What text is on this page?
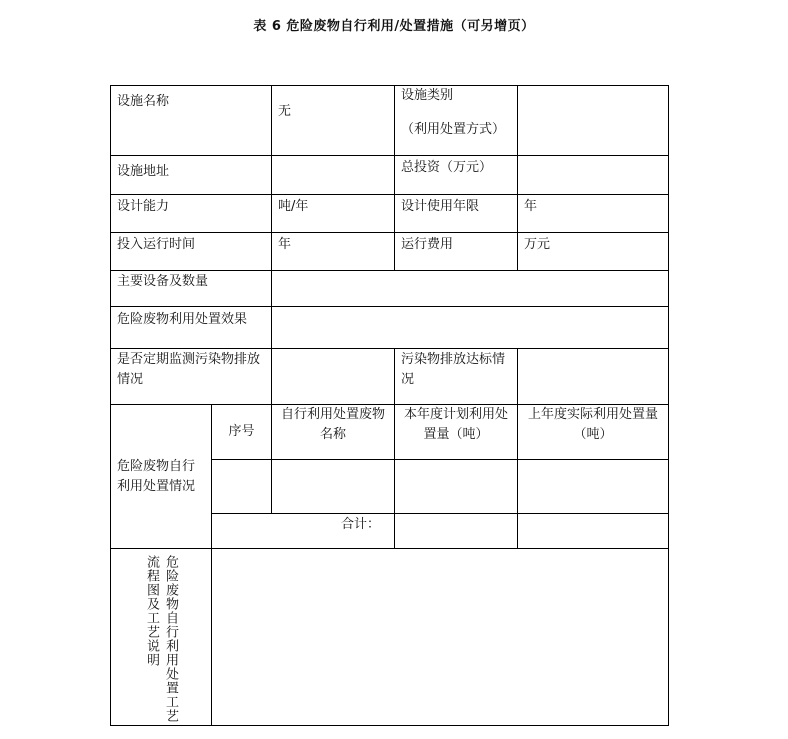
表 6 危险废物自行利用/处置措施（可另增页）
设施名称		无	设施类别
（利用处置方式）	

设施地址			总投资（万元）	
设计能力		吨/年	设计使用年限	年
投入运行时间		年	运行费用	万元
主要设备及数量				
危险废物利用处置效果				
是否定期监测污染物排放情况			污染物排放达标情况	
危险废物自行利用处置情况	序号	自行利用处置废物名称	本年度计划利用处置量（吨）	上年度实际利用处置量（吨）

	合计：			

危险废物自行利用处置工艺流程图及工艺说明				
